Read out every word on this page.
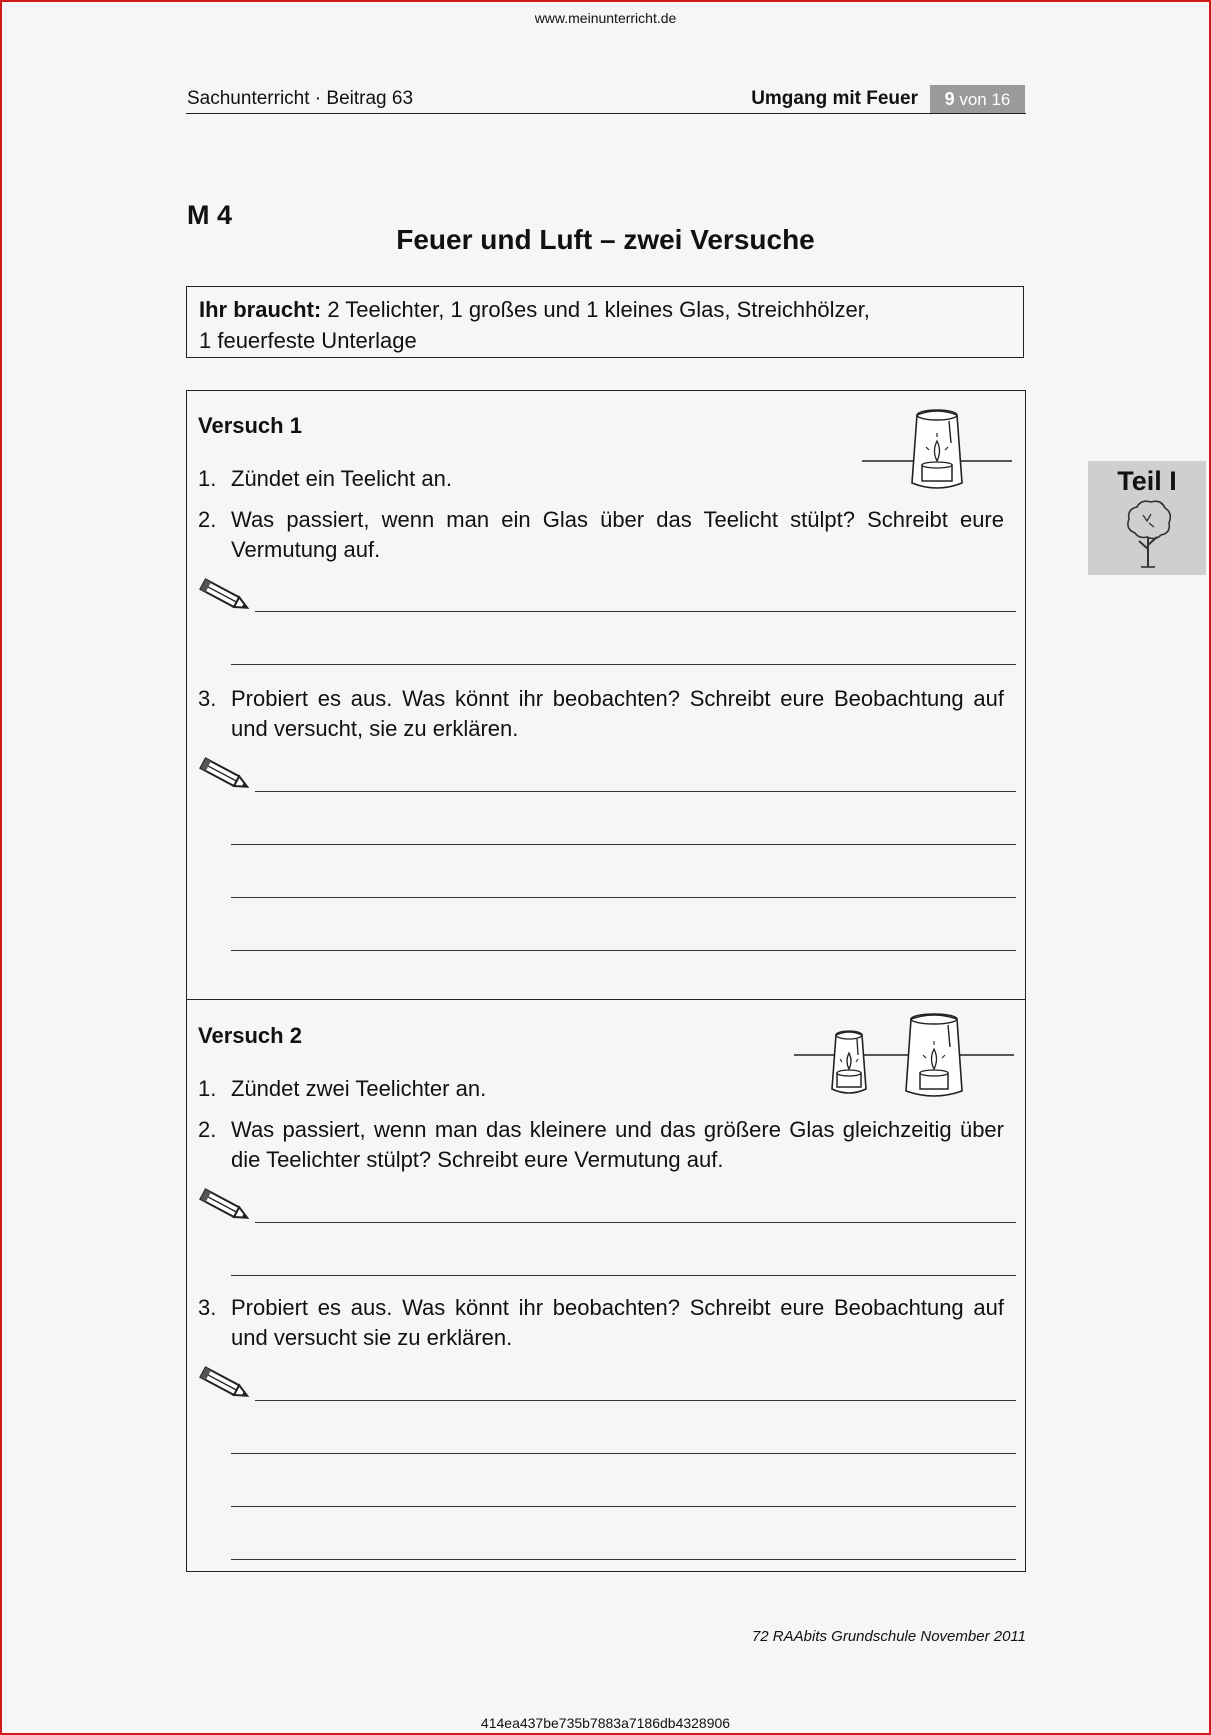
www.meinunterricht.de
Sachunterricht · Beitrag 63	Umgang mit Feuer	9 von 16
M 4
Feuer und Luft – zwei Versuche
Ihr braucht: 2 Teelichter, 1 großes und 1 kleines Glas, Streichhölzer,
1 feuerfeste Unterlage
Versuch 1
1. Zündet ein Teelicht an.
2. Was passiert, wenn man ein Glas über das Teelicht stülpt? Schreibt eure Vermutung auf.
3. Probiert es aus. Was könnt ihr beobachten? Schreibt eure Beobachtung auf und versucht, sie zu erklären.
Versuch 2
1. Zündet zwei Teelichter an.
2. Was passiert, wenn man das kleinere und das größere Glas gleichzeitig über die Teelichter stülpt? Schreibt eure Vermutung auf.
3. Probiert es aus. Was könnt ihr beobachten? Schreibt eure Beobachtung auf und versucht sie zu erklären.
Teil I
72 RAAbits Grundschule November 2011
414ea437be735b7883a7186db4328906
